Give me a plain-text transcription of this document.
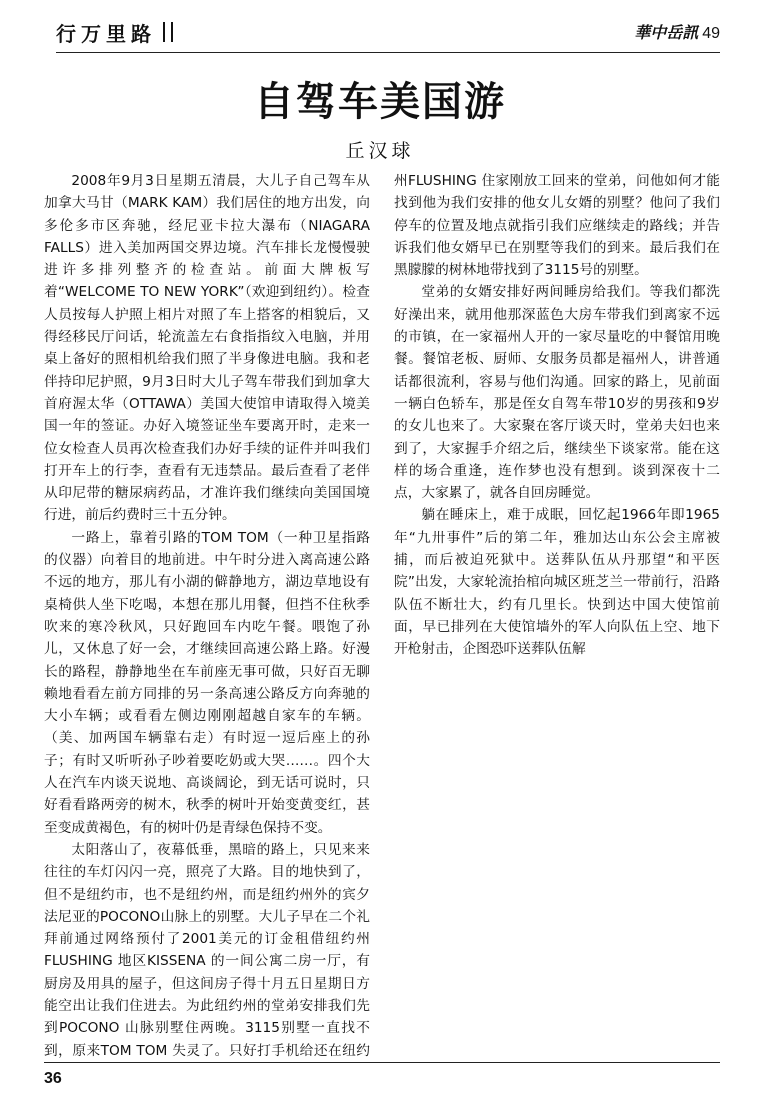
行万里路	華中岳訊 49
自驾车美国游
丘汉球

2008年9月3日星期五清晨，大儿子自己驾车从加拿大马甘（MARK KAM）我们居住的地方出发，向多伦多市区奔驰，经尼亚卡拉大瀑布（NIAGARA FALLS）进入美加两国交界边境。汽车排长龙慢慢驶进许多排列整齐的检查站。前面大牌板写着“WELCOME TO NEW YORK”（欢迎到纽约）。检查人员按每人护照上相片对照了车上搭客的相貌后，又得经移民厅问话，轮流盖左右食指指纹入电脑，并用桌上备好的照相机给我们照了半身像进电脑。我和老伴持印尼护照，9月3日时大儿子驾车带我们到加拿大首府渥太华（OTTAWA）美国大使馆申请取得入境美国一年的签证。办好入境签证坐车要离开时，走来一位女检查人员再次检查我们办好手续的证件并叫我们打开车上的行李，查看有无违禁品。最后查看了老伴从印尼带的糖尿病药品，才准许我们继续向美国国境行进，前后约费时三十五分钟。

一路上，靠着引路的TOM TOM（一种卫星指路的仪器）向着目的地前进。中午时分进入离高速公路不远的地方，那儿有小湖的僻静地方，湖边草地设有桌椅供人坐下吃喝，本想在那儿用餐，但挡不住秋季吹来的寒冷秋风，只好跑回车内吃午餐。喂饱了孙儿，又休息了好一会，才继续回高速公路上路。好漫长的路程，静静地坐在车前座无事可做，只好百无聊赖地看看左前方同排的另一条高速公路反方向奔驰的大小车辆；或看看左侧边刚刚超越自家车的车辆。（美、加两国车辆靠右走）有时逗一逗后座上的孙子；有时又听听孙子吵着要吃奶或大哭……。四个大人在汽车内谈天说地、高谈阔论，到无话可说时，只好看看路两旁的树木，秋季的树叶开始变黄变红，甚至变成黄褐色，有的树叶仍是青绿色保持不变。

太阳落山了，夜幕低垂，黑暗的路上，只见来来往往的车灯闪闪一亮，照亮了大路。目的地快到了，但不是纽约市，也不是纽约州，而是纽约州外的宾夕法尼亚的POCONO山脉上的别墅。大儿子早在二个礼拜前通过网络预付了2001美元的订金租借纽约州FLUSHING 地区KISSENA 的一间公寓二房一厅，有厨房及用具的屋子，但这间房子得十月五日星期日方能空出让我们住进去。为此纽约州的堂弟安排我们先到POCONO 山脉别墅住两晚。3115别墅一直找不到，原来TOM TOM 失灵了。只好打手机给还在纽约州FLUSHING 住家刚放工回来的堂弟，问他如何才能找到他为我们安排的他女儿女婿的别墅？他问了我们停车的位置及地点就指引我们应继续走的路线；并告诉我们他女婿早已在别墅等我们的到来。最后我们在黑朦朦的树林地带找到了3115号的别墅。

堂弟的女婿安排好两间睡房给我们。等我们都洗好澡出来，就用他那深蓝色大房车带我们到离家不远的市镇，在一家福州人开的一家尽量吃的中餐馆用晚餐。餐馆老板、厨师、女服务员都是福州人，讲普通话都很流利，容易与他们沟通。回家的路上，见前面一辆白色轿车，那是侄女自驾车带10岁的男孩和9岁的女儿也来了。大家聚在客厅谈天时，堂弟夫妇也来到了，大家握手介绍之后，继续坐下谈家常。能在这样的场合重逢，连作梦也没有想到。谈到深夜十二点，大家累了，就各自回房睡觉。

躺在睡床上，难于成眠，回忆起1966年即1965年“九卅事件”后的第二年，雅加达山东公会主席被捕，而后被迫死狱中。送葬队伍从丹那望“和平医院”出发，大家轮流抬棺向城区班芝兰一带前行，沿路队伍不断壮大，约有几里长。快到达中国大使馆前面，早已排列在大使馆墙外的军人向队伍上空、地下开枪射击，企图恐吓送葬队伍解

36
